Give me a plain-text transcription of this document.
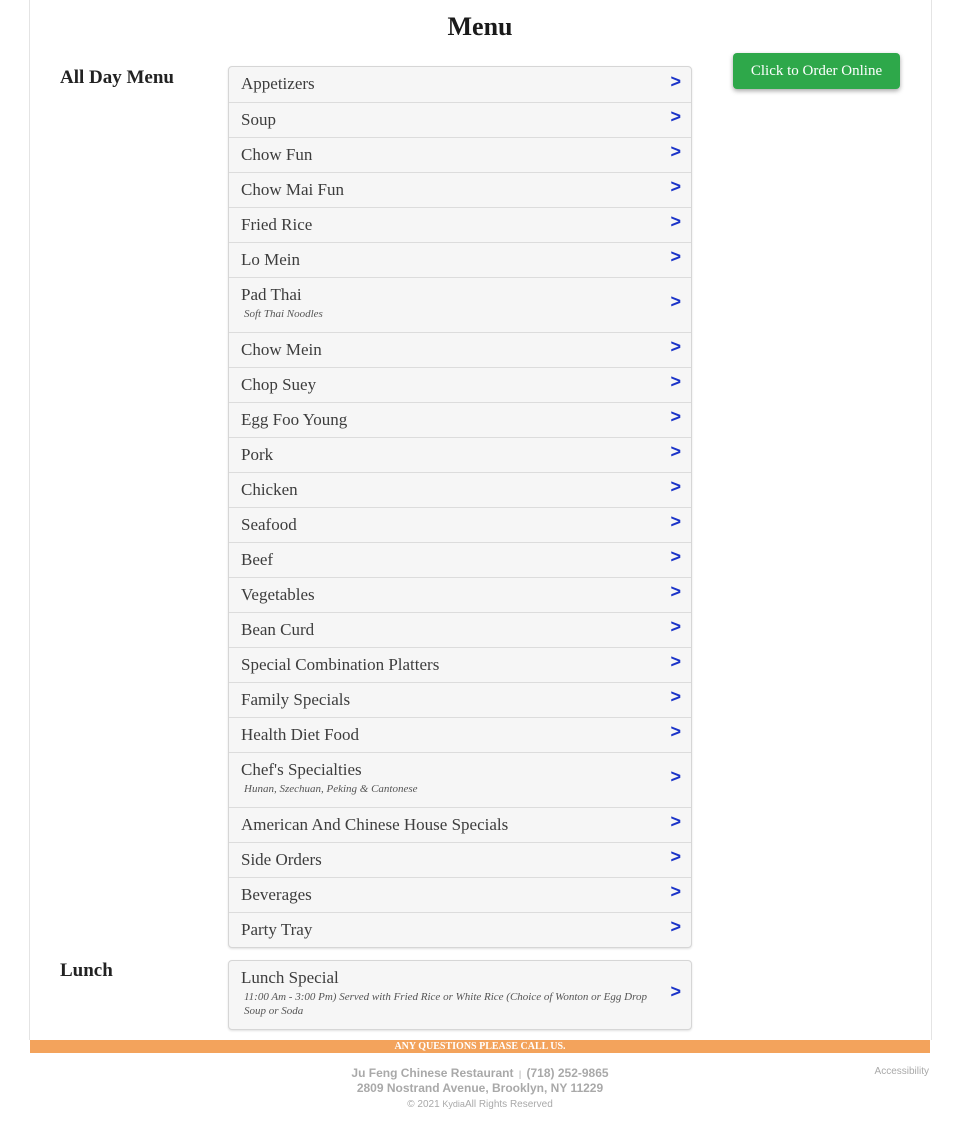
Menu
All Day Menu	Appetizers	>
Soup	>
Chow Fun	>
Chow Mai Fun	>
Fried Rice	>
Lo Mein	>
Pad Thai
Soft Thai Noodles
>
Chow Mein	>
Chop Suey	>
Egg Foo Young	>
Pork	>
Chicken	>
Seafood	>
Beef	>
Vegetables	>
Bean Curd	>
Special Combination Platters	>
Family Specials	>
Health Diet Food	>
Chef's Specialties
Hunan, Szechuan, Peking & Cantonese
>
American And Chinese House Specials	>
Side Orders	>
Beverages	>
Party Tray	>
Lunch	Lunch Special
11:00 Am - 3:00 Pm) Served with Fried Rice or White Rice (Choice of Wonton or Egg Drop Soup or Soda
>
Click to Order Online
ANY QUESTIONS PLEASE CALL US.
Ju Feng Chinese Restaurant | (718) 252-9865
2809 Nostrand Avenue, Brooklyn, NY 11229
© 2021 KydiaAll Rights Reserved
Accessibility
